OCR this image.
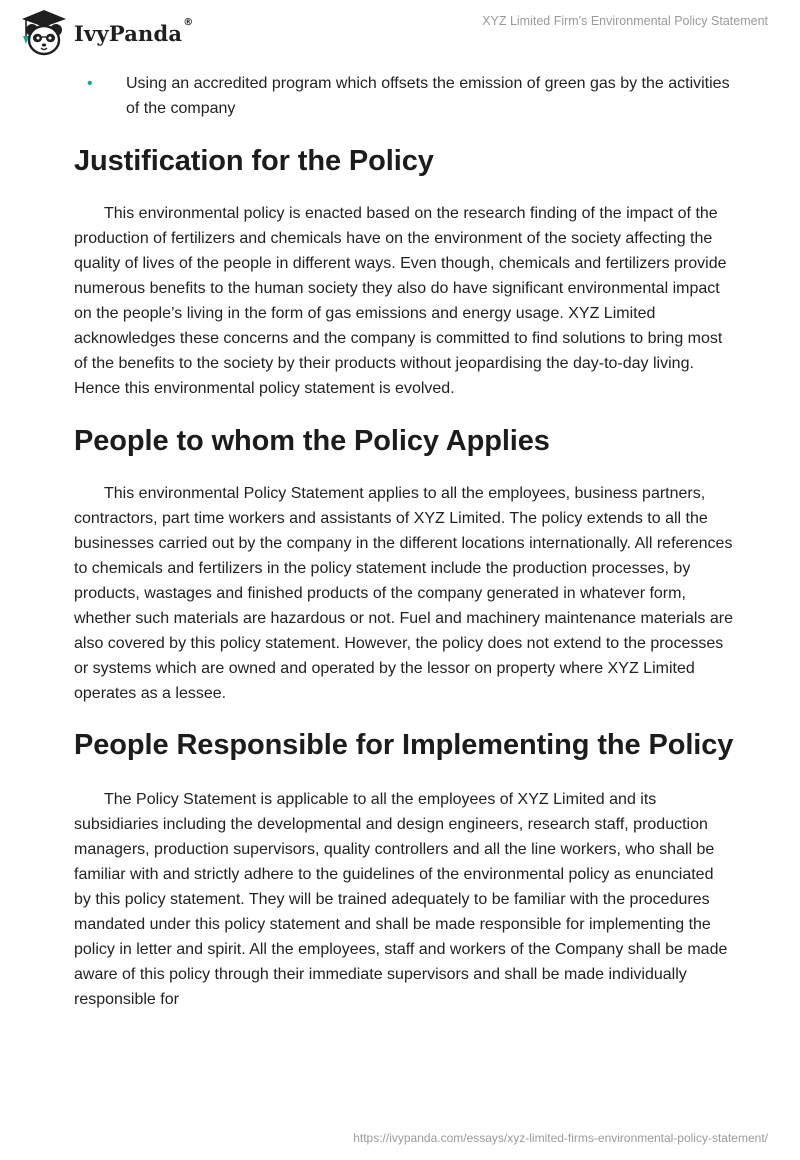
IvyPanda®	XYZ Limited Firm's Environmental Policy Statement
• Using an accredited program which offsets the emission of green gas by the activities of the company
Justification for the Policy

This environmental policy is enacted based on the research finding of the impact of the production of fertilizers and chemicals have on the environment of the society affecting the quality of lives of the people in different ways. Even though, chemicals and fertilizers provide numerous benefits to the human society they also do have significant environmental impact on the people’s living in the form of gas emissions and energy usage. XYZ Limited acknowledges these concerns and the company is committed to find solutions to bring most of the benefits to the society by their products without jeopardising the day-to-day living. Hence this environmental policy statement is evolved.

People to whom the Policy Applies

This environmental Policy Statement applies to all the employees, business partners, contractors, part time workers and assistants of XYZ Limited. The policy extends to all the businesses carried out by the company in the different locations internationally. All references to chemicals and fertilizers in the policy statement include the production processes, by products, wastages and finished products of the company generated in whatever form, whether such materials are hazardous or not. Fuel and machinery maintenance materials are also covered by this policy statement. However, the policy does not extend to the processes or systems which are owned and operated by the lessor on property where XYZ Limited operates as a lessee.

People Responsible for Implementing the Policy

The Policy Statement is applicable to all the employees of XYZ Limited and its subsidiaries including the developmental and design engineers, research staff, production managers, production supervisors, quality controllers and all the line workers, who shall be familiar with and strictly adhere to the guidelines of the environmental policy as enunciated by this policy statement. They will be trained adequately to be familiar with the procedures mandated under this policy statement and shall be made responsible for implementing the policy in letter and spirit. All the employees, staff and workers of the Company shall be made aware of this policy through their immediate supervisors and shall be made individually responsible for

https://ivypanda.com/essays/xyz-limited-firms-environmental-policy-statement/
